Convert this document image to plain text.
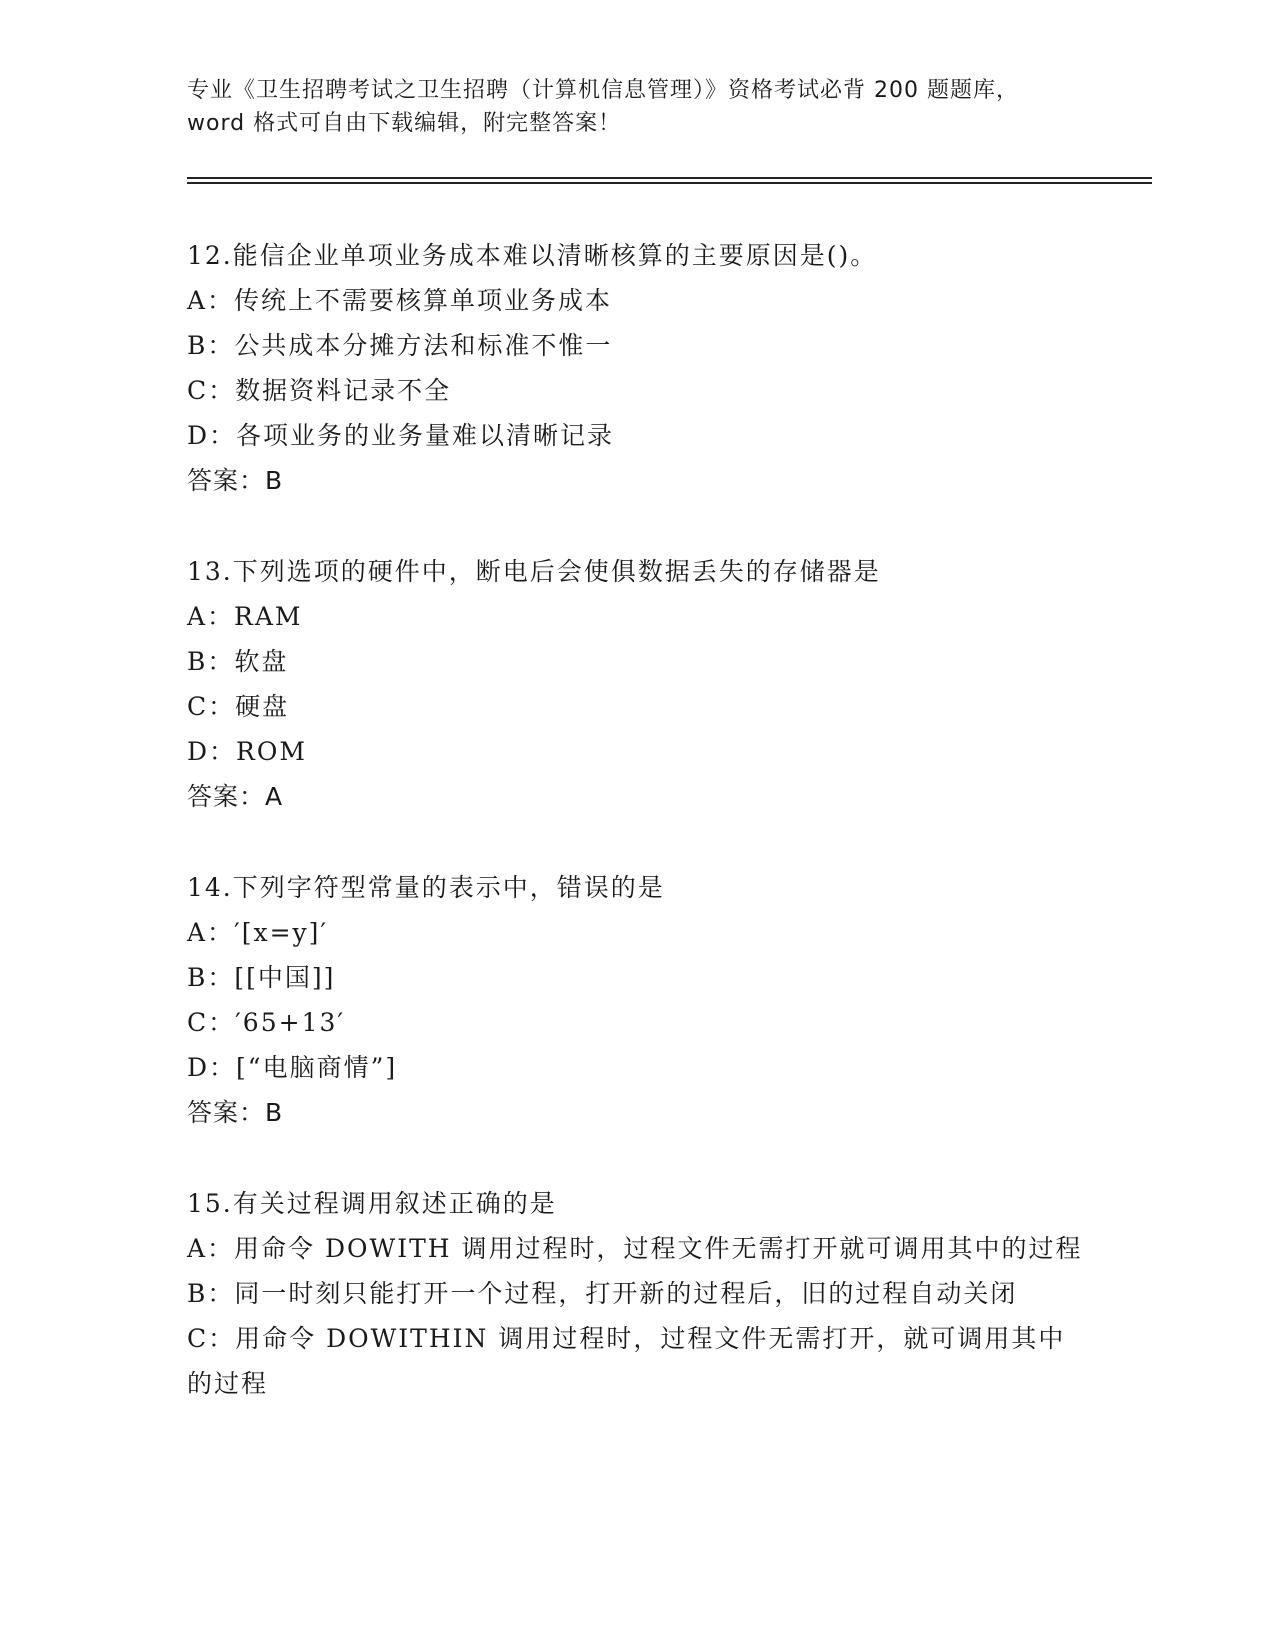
专业《卫生招聘考试之卫生招聘（计算机信息管理）》资格考试必背 200 题题库，
word 格式可自由下载编辑，附完整答案！
12.能信企业单项业务成本难以清晰核算的主要原因是()。
A：传统上不需要核算单项业务成本
B：公共成本分摊方法和标准不惟一
C：数据资料记录不全
D：各项业务的业务量难以清晰记录
答案：B
13.下列选项的硬件中，断电后会使俱数据丢失的存储器是
A：RAM
B：软盘
C：硬盘
D：ROM
答案：A
14.下列字符型常量的表示中，错误的是
A：′[x=y]′
B：[[中国]]
C：′65+13′
D：[“电脑商情”]
答案：B
15.有关过程调用叙述正确的是
A：用命令 DOWITH 调用过程时，过程文件无需打开就可调用其中的过程
B：同一时刻只能打开一个过程，打开新的过程后，旧的过程自动关闭
C：用命令 DOWITHIN 调用过程时，过程文件无需打开，就可调用其中的过程
